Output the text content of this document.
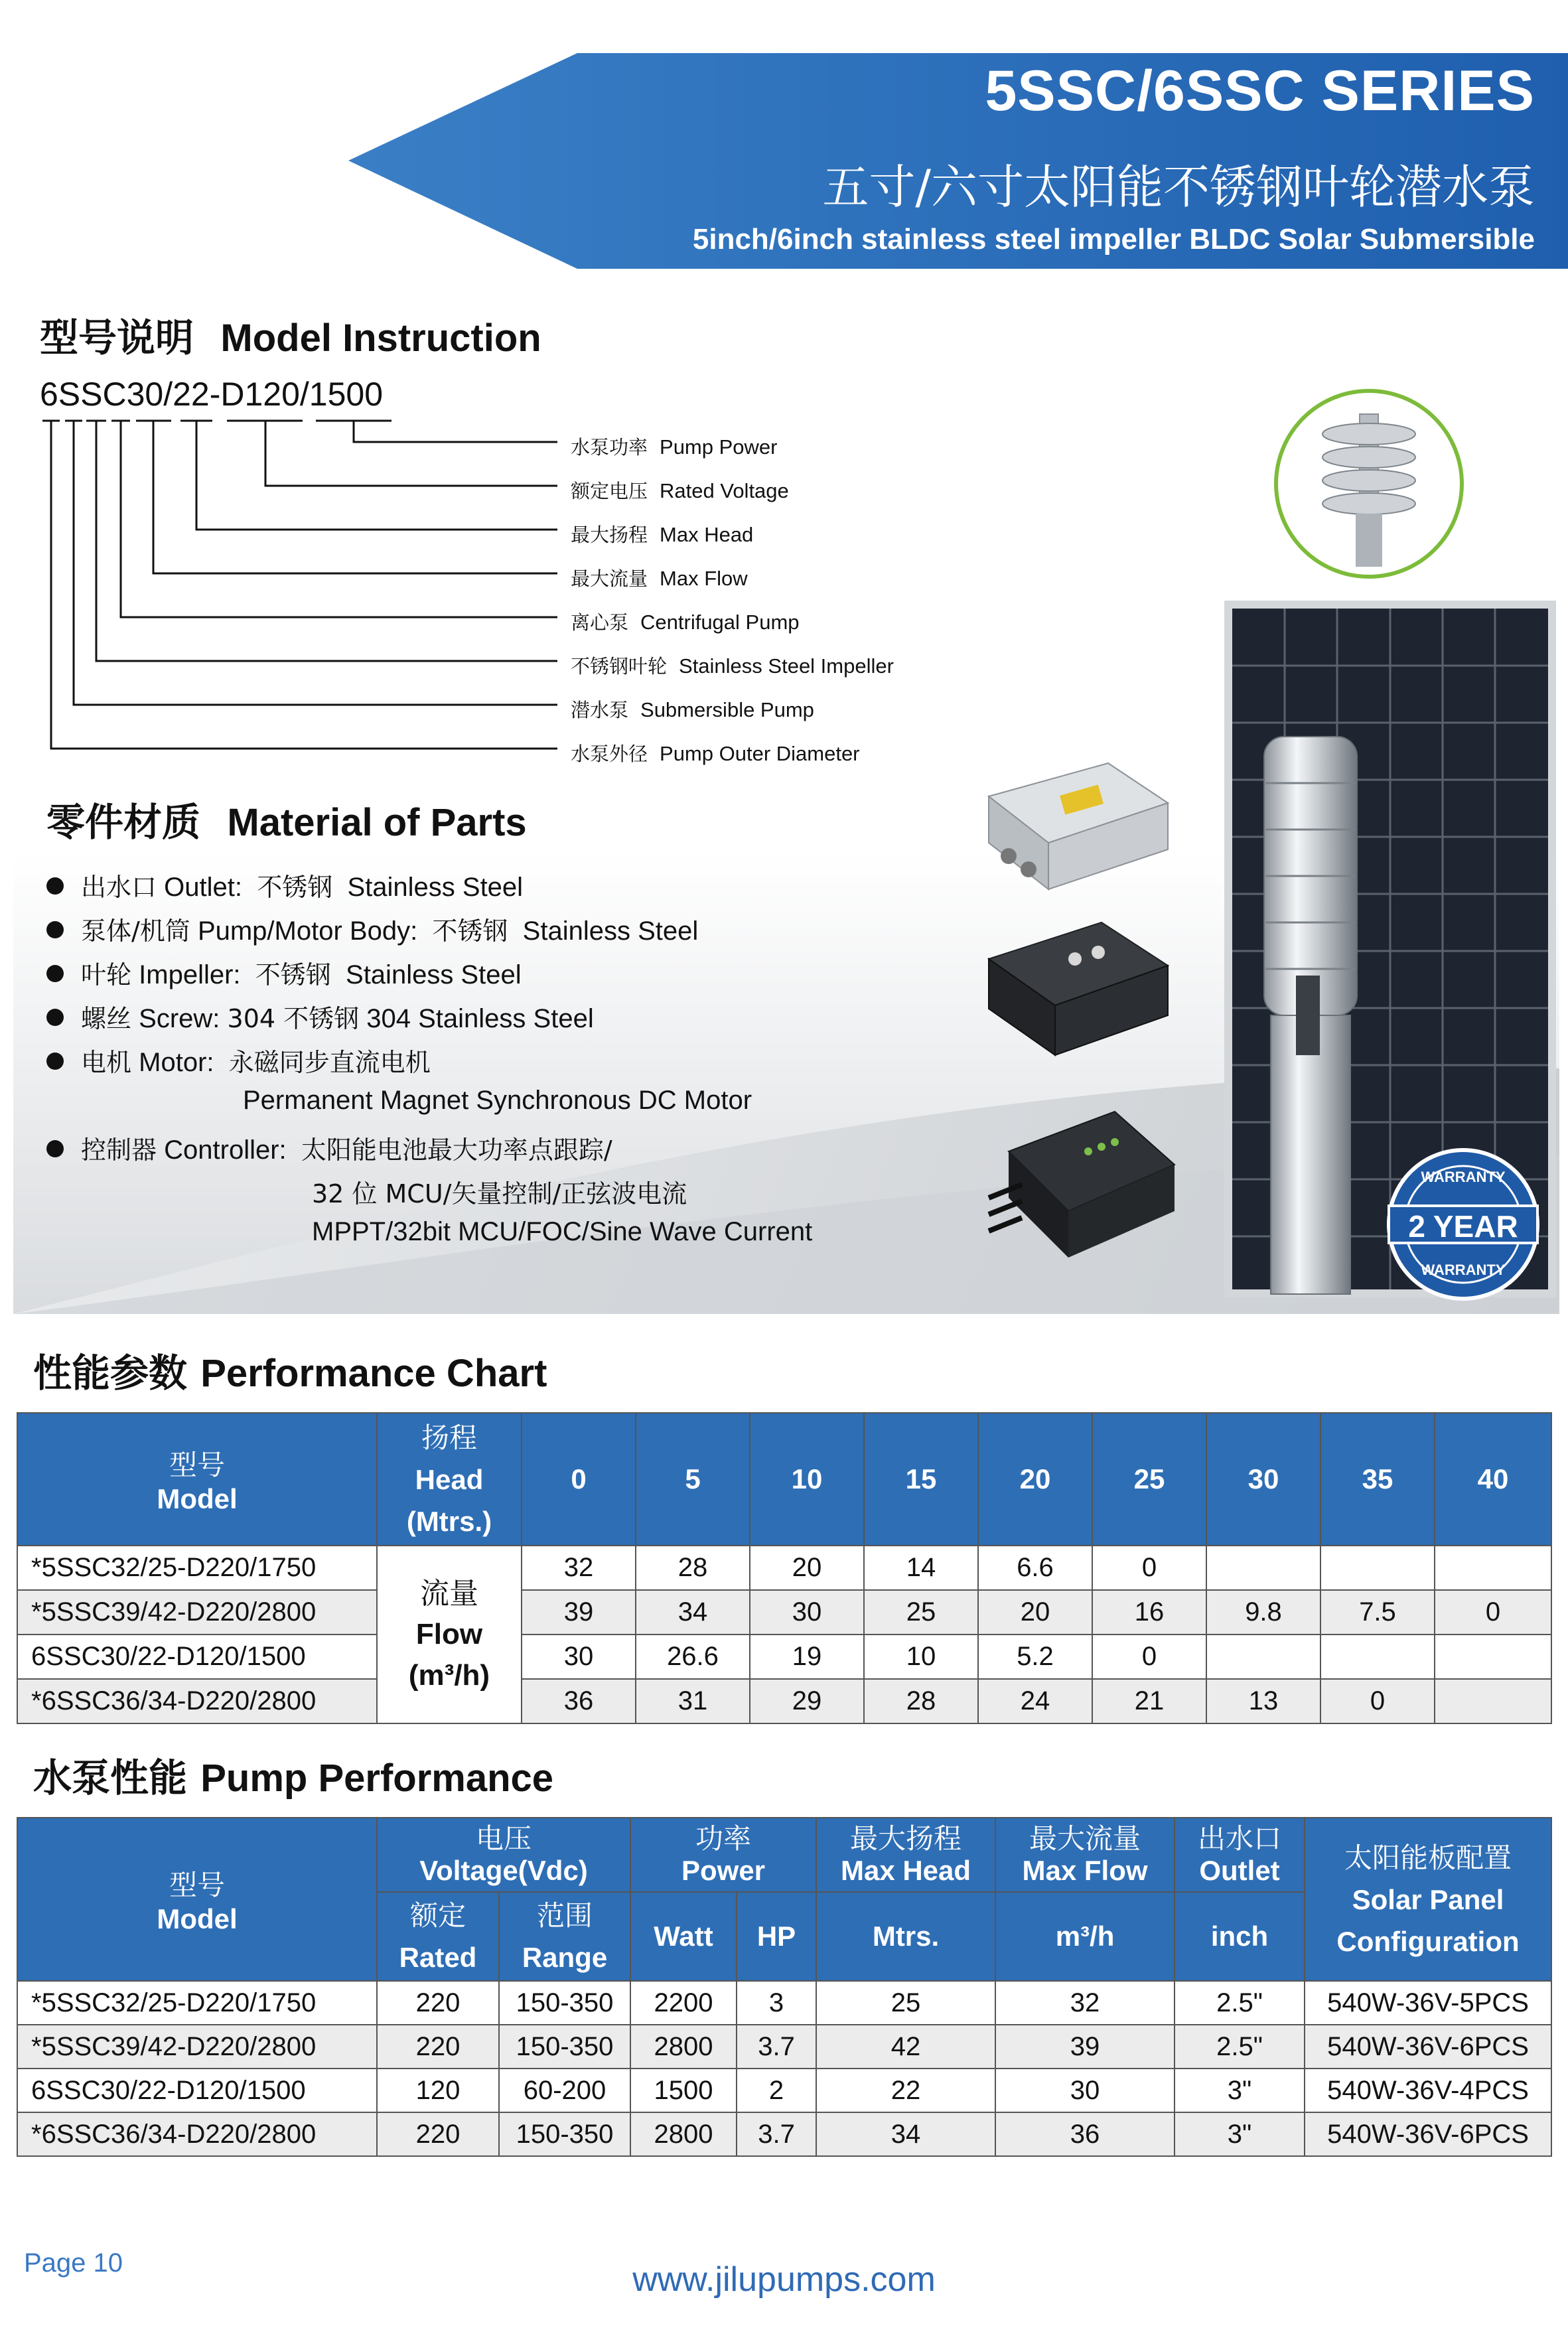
5SSC/6SSC SERIES
五寸/六寸太阳能不锈钢叶轮潜水泵
5inch/6inch stainless steel impeller BLDC Solar Submersible
型号说明 Model Instruction
6SSC30/22-D120/1500
水泵功率 Pump Power
额定电压 Rated Voltage
最大扬程 Max Head
最大流量 Max Flow
离心泵 Centrifugal Pump
不锈钢叶轮 Stainless Steel Impeller
潜水泵 Submersible Pump
水泵外径 Pump Outer Diameter
零件材质 Material of Parts
出水口 Outlet: 不锈钢 Stainless Steel
泵体/机筒 Pump/Motor Body: 不锈钢 Stainless Steel
叶轮 Impeller: 不锈钢 Stainless Steel
螺丝 Screw: 304 不锈钢 304 Stainless Steel
电机 Motor: 永磁同步直流电机
Permanent Magnet Synchronous DC Motor
控制器 Controller: 太阳能电池最大功率点跟踪/
32 位 MCU/矢量控制/正弦波电流
MPPT/32bit MCU/FOC/Sine Wave Current
WARRANTY
2 YEAR
WARRANTY
性能参数 Performance Chart
型号
Model	扬程
Head
(Mtrs.)	0	5	10	15	20	25	30	35	40
*5SSC32/25-D220/1750	流量
Flow
(m³/h)	32	28	20	14	6.6	0			
*5SSC39/42-D220/2800		39	34	30	25	20	16	9.8	7.5	0
6SSC30/22-D120/1500		30	26.6	19	10	5.2	0			
*6SSC36/34-D220/2800		36	31	29	28	24	21	13	0	
水泵性能 Pump Performance
型号
Model	电压
Voltage(Vdc)		功率
Power		最大扬程
Max Head	最大流量
Max Flow	出水口
Outlet	太阳能板配置
Solar Panel
Configuration
	额定
Rated	范围
Range	Watt	HP	Mtrs.	m³/h	inch	
*5SSC32/25-D220/1750	220	150-350	2200	3	25	32	2.5"	540W-36V-5PCS
*5SSC39/42-D220/2800	220	150-350	2800	3.7	42	39	2.5"	540W-36V-6PCS
6SSC30/22-D120/1500	120	60-200	1500	2	22	30	3"	540W-36V-4PCS
*6SSC36/34-D220/2800	220	150-350	2800	3.7	34	36	3"	540W-36V-6PCS
Page 10	www.jilupumps.com
